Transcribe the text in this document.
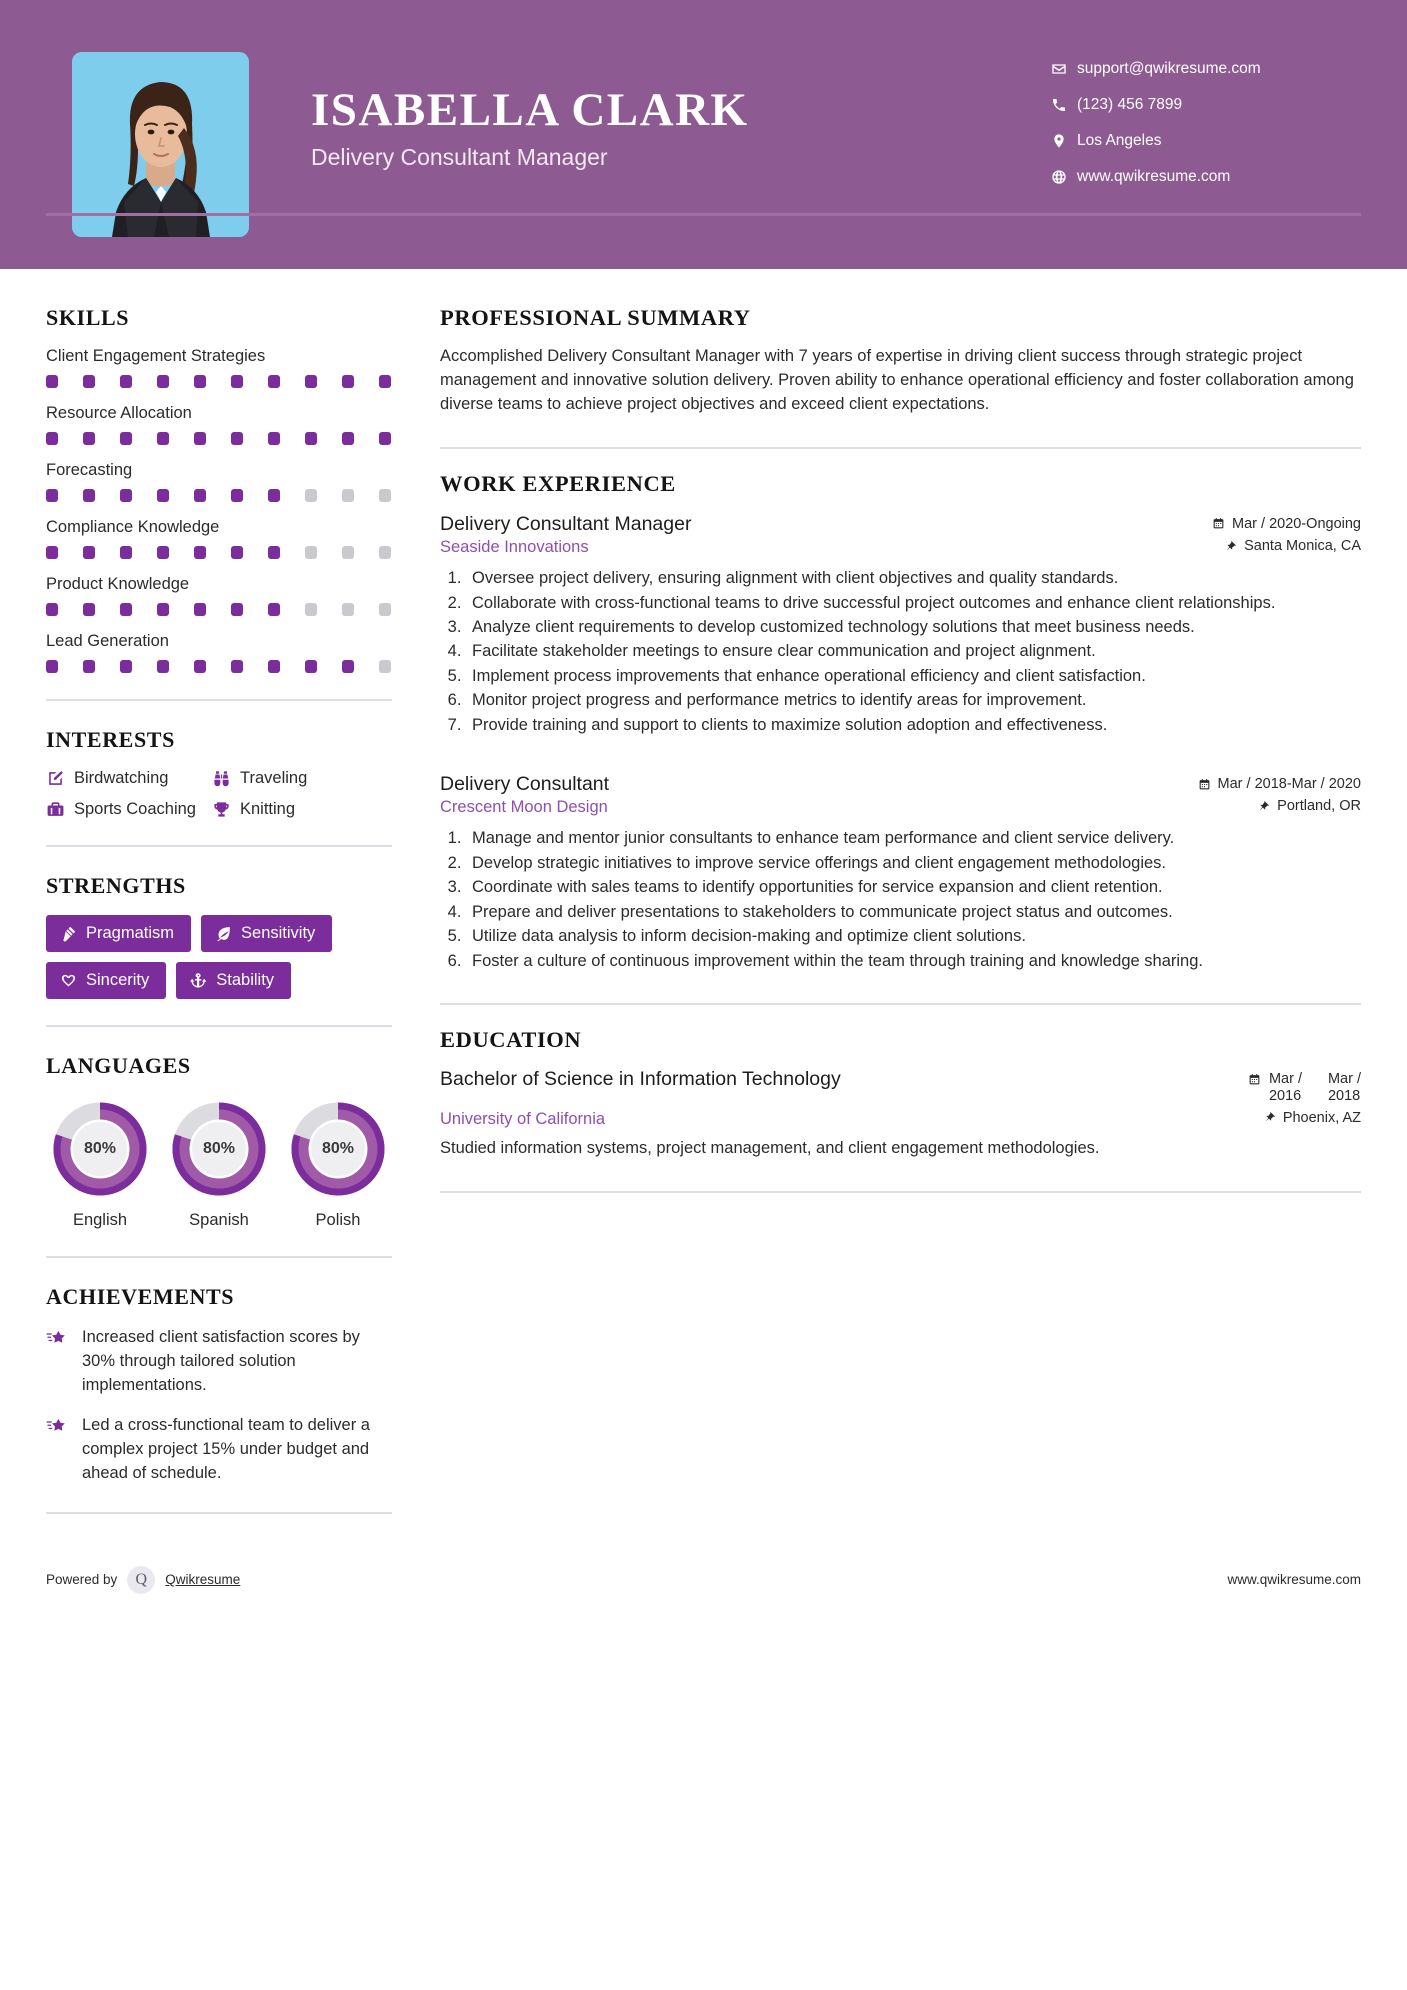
ISABELLA CLARK
Delivery Consultant Manager
support@qwikresume.com
(123) 456 7899
Los Angeles
www.qwikresume.com
SKILLS
Client Engagement Strategies
Resource Allocation
Forecasting
Compliance Knowledge
Product Knowledge
Lead Generation
INTERESTS
Birdwatching	Traveling
Sports Coaching	Knitting
STRENGTHS
Pragmatism	Sensitivity
Sincerity	Stability
LANGUAGES
80%
English
80%
Spanish
80%
Polish
ACHIEVEMENTS
Increased client satisfaction scores by 30% through tailored solution implementations.
Led a cross-functional team to deliver a complex project 15% under budget and ahead of schedule.
PROFESSIONAL SUMMARY
Accomplished Delivery Consultant Manager with 7 years of expertise in driving client success through strategic project management and innovative solution delivery. Proven ability to enhance operational efficiency and foster collaboration among diverse teams to achieve project objectives and exceed client expectations.
WORK EXPERIENCE
Delivery Consultant Manager	Mar / 2020-Ongoing
Seaside Innovations	Santa Monica, CA
1. Oversee project delivery, ensuring alignment with client objectives and quality standards.
2. Collaborate with cross-functional teams to drive successful project outcomes and enhance client relationships.
3. Analyze client requirements to develop customized technology solutions that meet business needs.
4. Facilitate stakeholder meetings to ensure clear communication and project alignment.
5. Implement process improvements that enhance operational efficiency and client satisfaction.
6. Monitor project progress and performance metrics to identify areas for improvement.
7. Provide training and support to clients to maximize solution adoption and effectiveness.
Delivery Consultant	Mar / 2018-Mar / 2020
Crescent Moon Design	Portland, OR
1. Manage and mentor junior consultants to enhance team performance and client service delivery.
2. Develop strategic initiatives to improve service offerings and client engagement methodologies.
3. Coordinate with sales teams to identify opportunities for service expansion and client retention.
4. Prepare and deliver presentations to stakeholders to communicate project status and outcomes.
5. Utilize data analysis to inform decision-making and optimize client solutions.
6. Foster a culture of continuous improvement within the team through training and knowledge sharing.
EDUCATION
Bachelor of Science in Information Technology	Mar /
2016
Mar /
2018
University of California	Phoenix, AZ
Studied information systems, project management, and client engagement methodologies.
Powered by	Q	Qwikresume	www.qwikresume.com
